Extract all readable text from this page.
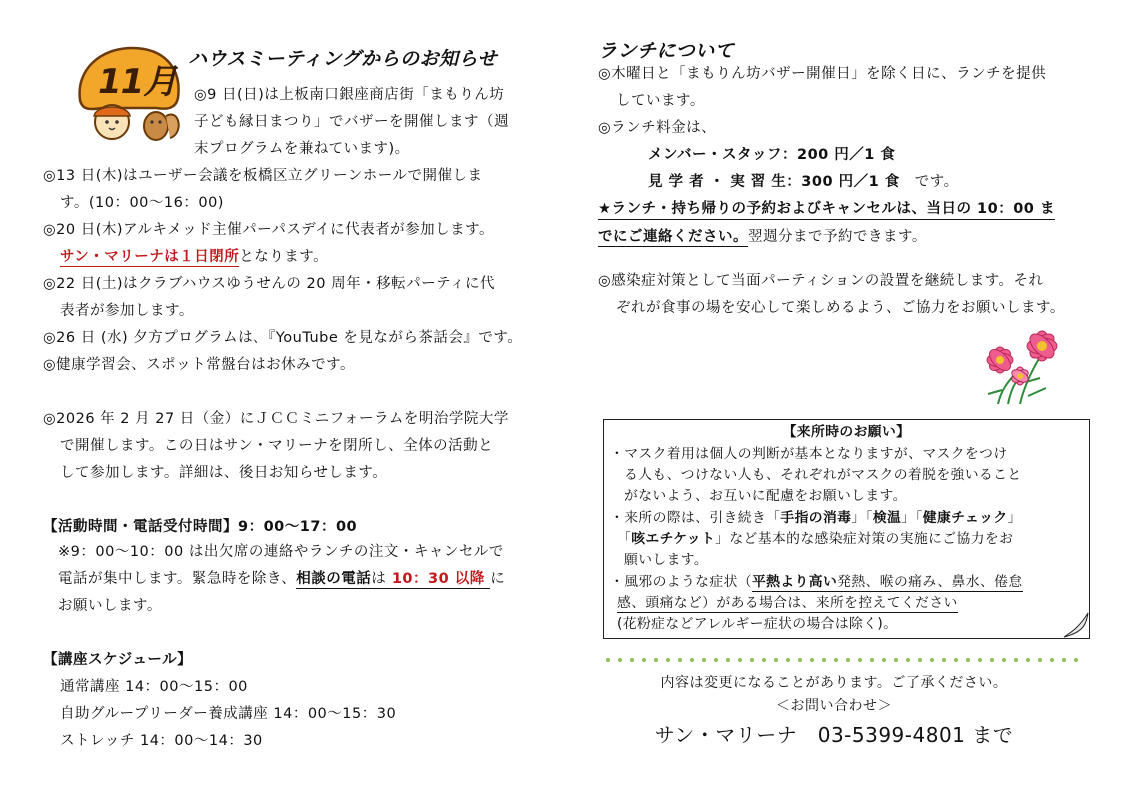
11月
ハウスミーティングからのお知らせ
◎9 日(日)は上板南口銀座商店街「まもりん坊
子ども縁日まつり」でバザーを開催します（週
末プログラムを兼ねています)。
◎13 日(木)はユーザー会議を板橋区立グリーンホールで開催しま
す。(10：00～16：00)
◎20 日(木)アルキメッド主催パーパスデイに代表者が参加します。
サン・マリーナは１日閉所となります。
◎22 日(土)はクラブハウスゆうせんの 20 周年・移転パーティに代
表者が参加します。
◎26 日 (水) 夕方プログラムは､『YouTube を見ながら茶話会』です。
◎健康学習会、スポット常盤台はお休みです。
◎2026 年 2 月 27 日（金）にＪＣＣミニフォーラムを明治学院大学
で開催します。この日はサン・マリーナを閉所し、全体の活動と
して参加します。詳細は、後日お知らせします。
【活動時間・電話受付時間】9：00～17：00
※9：00～10：00 は出欠席の連絡やランチの注文・キャンセルで
電話が集中します。緊急時を除き、相談の電話は 10：30 以降 に
お願いします。
【講座スケジュール】
通常講座 14：00～15：00
自助グループリーダー養成講座 14：00～15：30
ストレッチ 14：00～14：30
ランチについて
◎木曜日と「まもりん坊バザー開催日」を除く日に、ランチを提供
しています。
◎ランチ料金は、
メンバー・スタッフ：200 円／1 食
見 学 者 ・ 実 習 生：300 円／1 食　 です。
★ランチ・持ち帰りの予約およびキャンセルは、当日の 10：00 ま
でにご連絡ください。翌週分まで予約できます。
◎感染症対策として当面パーティションの設置を継続します。それ
ぞれが食事の場を安心して楽しめるよう、ご協力をお願いします。
【来所時のお願い】
・マスク着用は個人の判断が基本となりますが、マスクをつけ
る人も、つけない人も、それぞれがマスクの着脱を強いること
がないよう、お互いに配慮をお願いします。
・来所の際は、引き続き「手指の消毒」「検温」「健康チェック」
「咳エチケット」など基本的な感染症対策の実施にご協力をお
願いします。
・風邪のような症状（平熱より高い発熱、喉の痛み、鼻水、倦怠
感、頭痛など）がある場合は、来所を控えてください
(花粉症などアレルギー症状の場合は除く)。
内容は変更になることがあります。ご了承ください。
＜お問い合わせ＞
サン・マリーナ　03-5399-4801 まで
